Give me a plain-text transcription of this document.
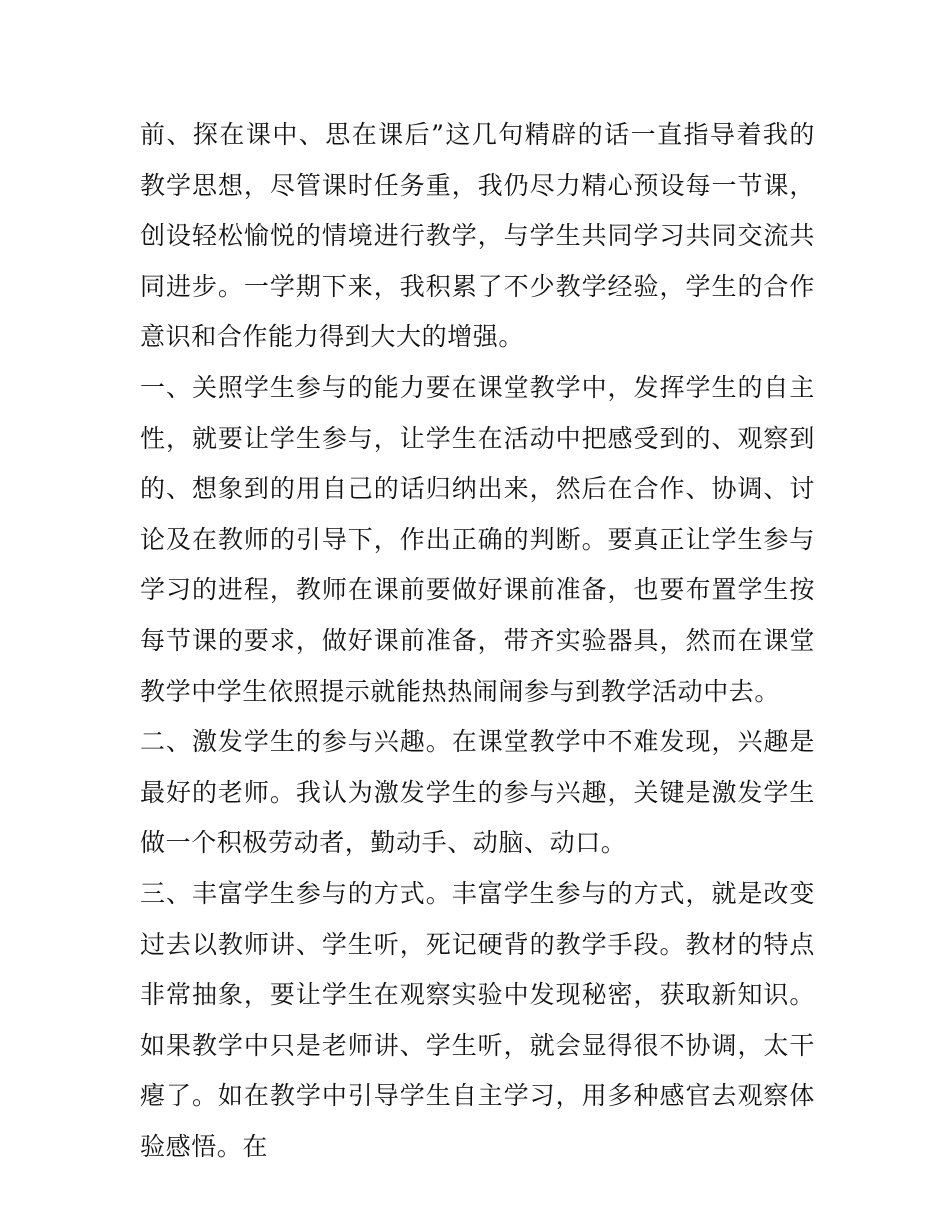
前、探在课中、思在课后”这几句精辟的话一直指导着我的教学思想，尽管课时任务重，我仍尽力精心预设每一节课，创设轻松愉悦的情境进行教学，与学生共同学习共同交流共同进步。一学期下来，我积累了不少教学经验，学生的合作意识和合作能力得到大大的增强。

一、关照学生参与的能力要在课堂教学中，发挥学生的自主性，就要让学生参与，让学生在活动中把感受到的、观察到的、想象到的用自己的话归纳出来，然后在合作、协调、讨论及在教师的引导下，作出正确的判断。要真正让学生参与学习的进程，教师在课前要做好课前准备，也要布置学生按每节课的要求，做好课前准备，带齐实验器具，然而在课堂教学中学生依照提示就能热热闹闹参与到教学活动中去。

二、激发学生的参与兴趣。在课堂教学中不难发现，兴趣是最好的老师。我认为激发学生的参与兴趣，关键是激发学生做一个积极劳动者，勤动手、动脑、动口。

三、丰富学生参与的方式。丰富学生参与的方式，就是改变过去以教师讲、学生听，死记硬背的教学手段。教材的特点非常抽象，要让学生在观察实验中发现秘密，获取新知识。如果教学中只是老师讲、学生听，就会显得很不协调，太干瘪了。如在教学中引导学生自主学习，用多种感官去观察体验感悟。在
